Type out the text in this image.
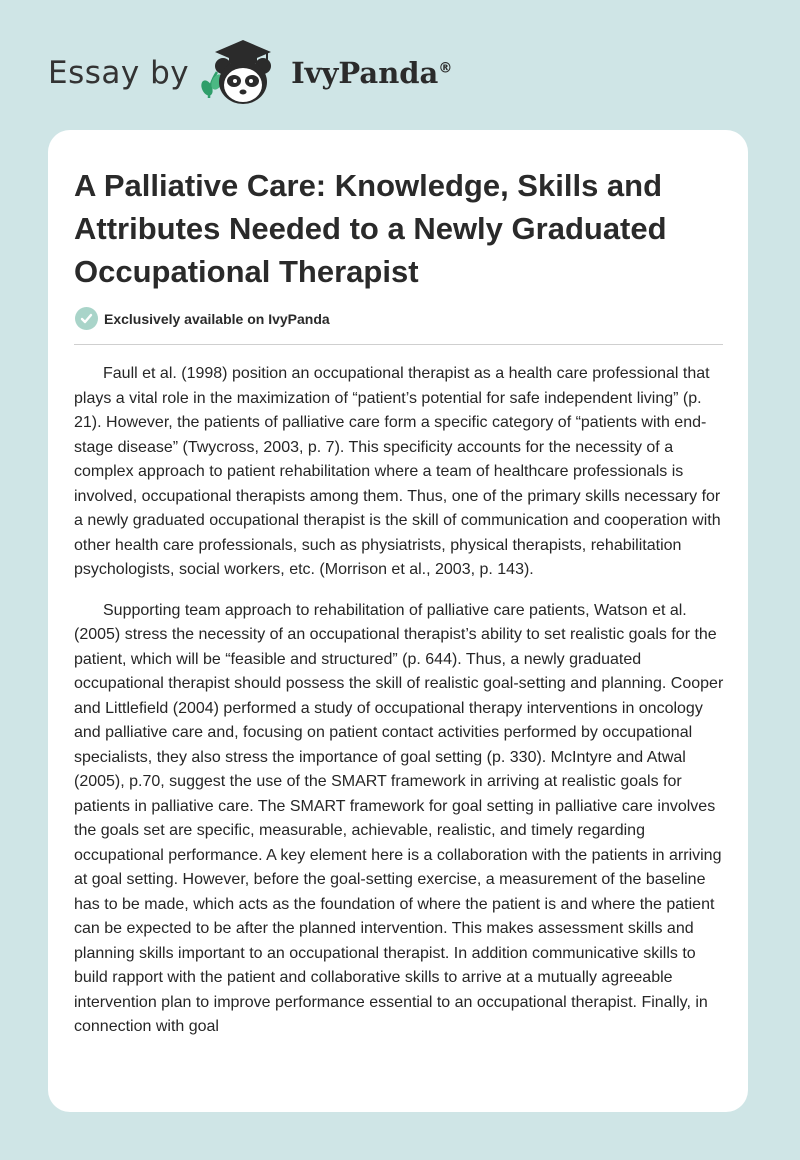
Essay by	IvyPanda®
A Palliative Care: Knowledge, Skills and Attributes Needed to a Newly Graduated Occupational Therapist
Exclusively available on IvyPanda

Faull et al. (1998) position an occupational therapist as a health care professional that plays a vital role in the maximization of “patient’s potential for safe independent living” (p. 21). However, the patients of palliative care form a specific category of “patients with end-stage disease” (Twycross, 2003, p. 7). This specificity accounts for the necessity of a complex approach to patient rehabilitation where a team of healthcare professionals is involved, occupational therapists among them. Thus, one of the primary skills necessary for a newly graduated occupational therapist is the skill of communication and cooperation with other health care professionals, such as physiatrists, physical therapists, rehabilitation psychologists, social workers, etc. (Morrison et al., 2003, p. 143).

Supporting team approach to rehabilitation of palliative care patients, Watson et al. (2005) stress the necessity of an occupational therapist’s ability to set realistic goals for the patient, which will be “feasible and structured” (p. 644). Thus, a newly graduated occupational therapist should possess the skill of realistic goal-setting and planning. Cooper and Littlefield (2004) performed a study of occupational therapy interventions in oncology and palliative care and, focusing on patient contact activities performed by occupational specialists, they also stress the importance of goal setting (p. 330). McIntyre and Atwal (2005), p.70, suggest the use of the SMART framework in arriving at realistic goals for patients in palliative care. The SMART framework for goal setting in palliative care involves the goals set are specific, measurable, achievable, realistic, and timely regarding occupational performance. A key element here is a collaboration with the patients in arriving at goal setting. However, before the goal-setting exercise, a measurement of the baseline has to be made, which acts as the foundation of where the patient is and where the patient can be expected to be after the planned intervention. This makes assessment skills and planning skills important to an occupational therapist. In addition communicative skills to build rapport with the patient and collaborative skills to arrive at a mutually agreeable intervention plan to improve performance essential to an occupational therapist. Finally, in connection with goal
